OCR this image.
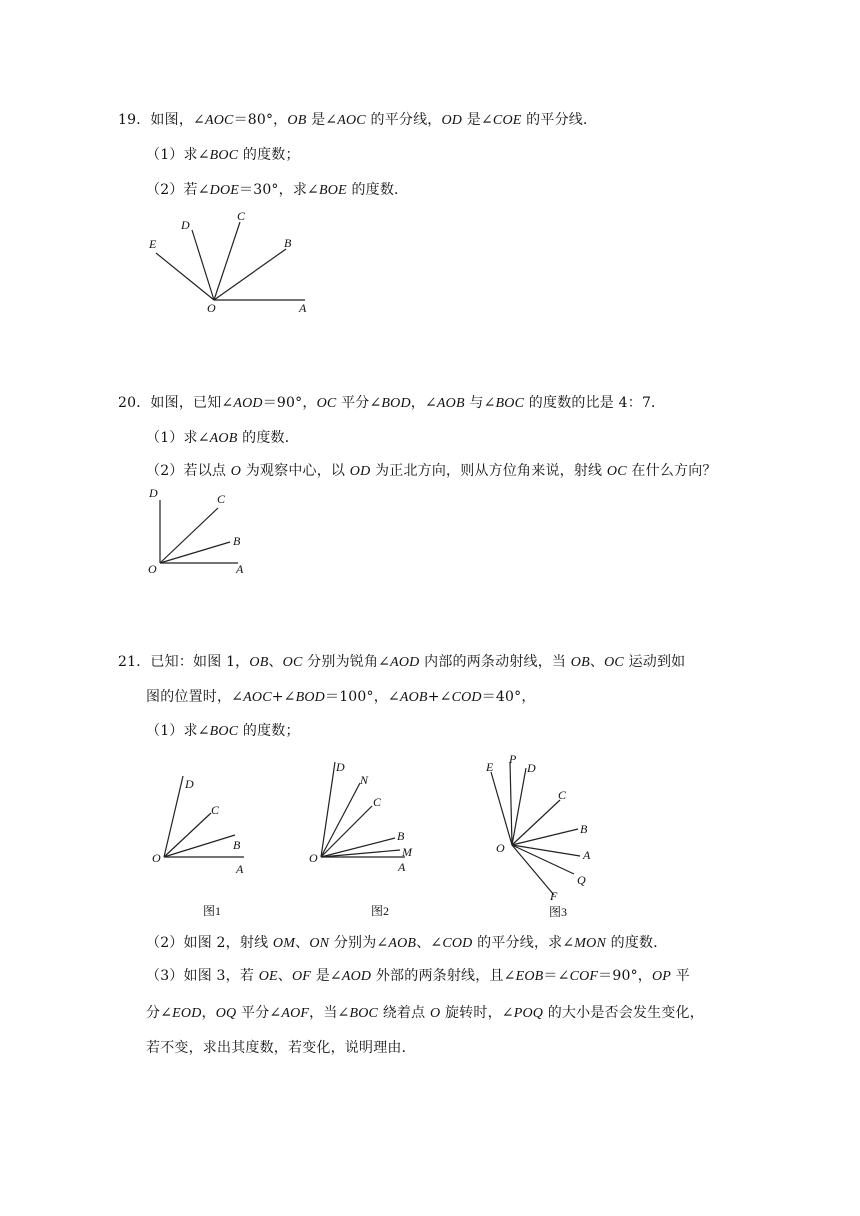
19．如图，∠AOC＝80°，OB 是∠AOC 的平分线，OD 是∠COE 的平分线．
（1）求∠BOC 的度数；
（2）若∠DOE＝30°，求∠BOE 的度数．
D
C
E	B
O	A
20．如图，已知∠AOD＝90°，OC 平分∠BOD，∠AOB 与∠BOC 的度数的比是 4：7．
（1）求∠AOB 的度数．
（2）若以点 O 为观察中心，以 OD 为正北方向，则从方位角来说，射线 OC 在什么方向？
D	C
B
O	A
21．已知：如图 1，OB、OC 分别为锐角∠AOD 内部的两条动射线，当 OB、OC 运动到如
图的位置时，∠AOC+∠BOD＝100°，∠AOB+∠COD＝40°，
（1）求∠BOC 的度数；
D
C
B
O
A
图1
D
N
C
B
M
O
A
图2
E
P
D
C
B
O	A
Q
F
图3
（2）如图 2，射线 OM、ON 分别为∠AOB、∠COD 的平分线，求∠MON 的度数．
（3）如图 3，若 OE、OF 是∠AOD 外部的两条射线，且∠EOB＝∠COF＝90°，OP 平
分∠EOD，OQ 平分∠AOF，当∠BOC 绕着点 O 旋转时，∠POQ 的大小是否会发生变化，
若不变，求出其度数，若变化，说明理由．
